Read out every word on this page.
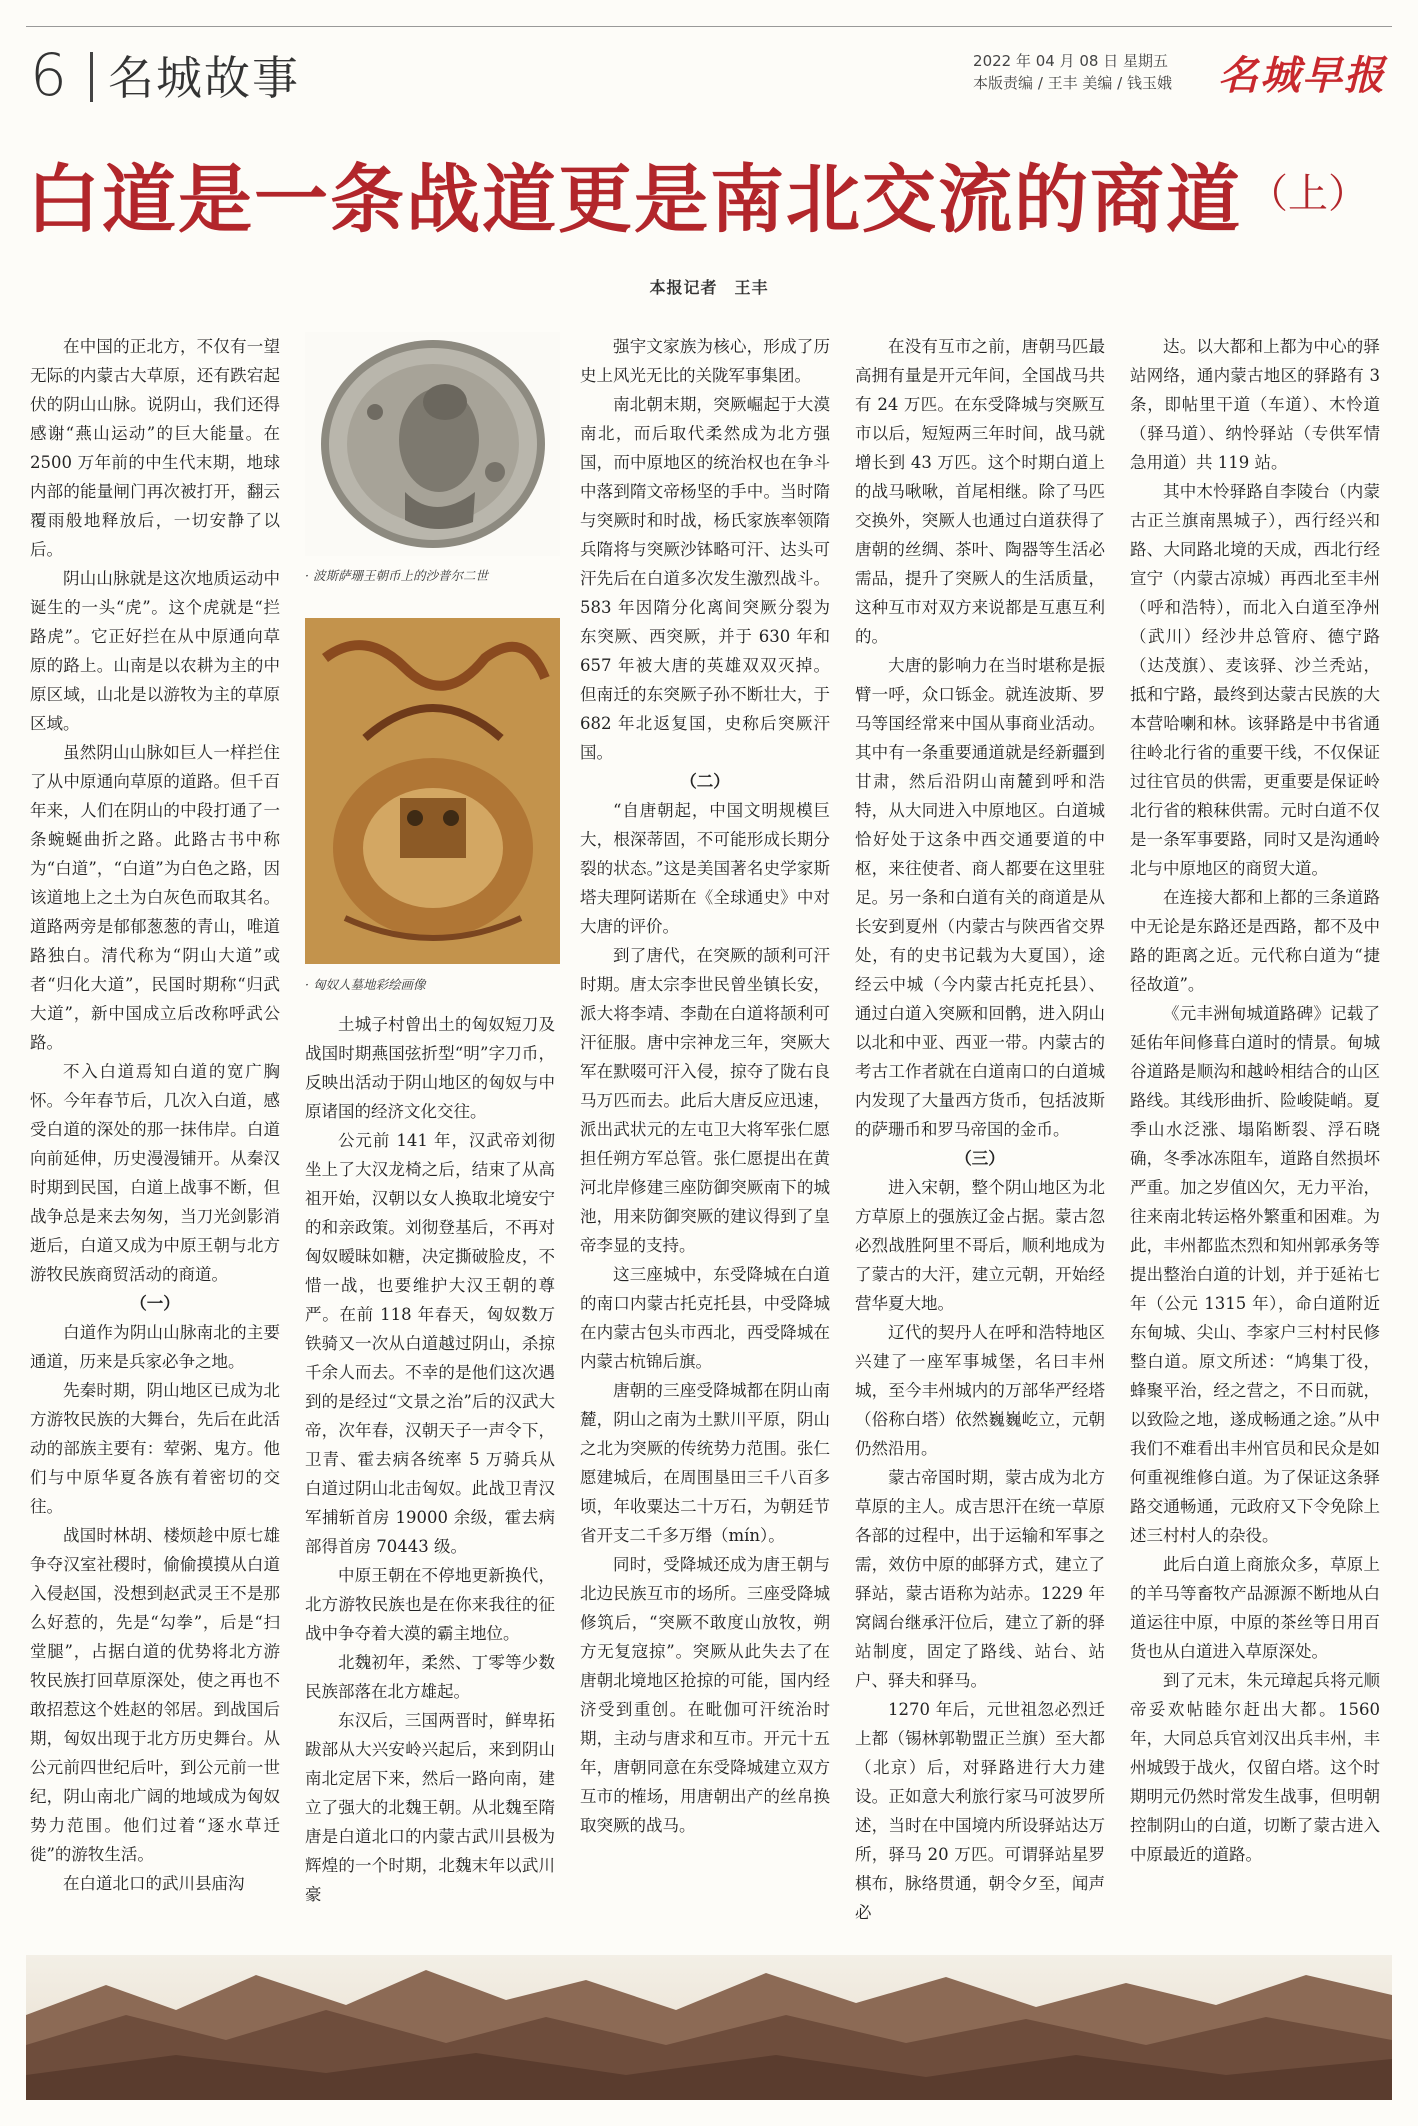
6 名城故事	2022 年 04 月 08 日 星期五
本版责编 / 王丰 美编 / 钱玉娥 名城早报
白道是一条战道更是南北交流的商道 （上）
本报记者　王丰

在中国的正北方，不仅有一望无际的内蒙古大草原，还有跌宕起伏的阴山山脉。说阴山，我们还得感谢“燕山运动”的巨大能量。在 2500 万年前的中生代末期，地球内部的能量闸门再次被打开，翻云覆雨般地释放后，一切安静了以后。

阴山山脉就是这次地质运动中诞生的一头“虎”。这个虎就是“拦路虎”。它正好拦在从中原通向草原的路上。山南是以农耕为主的中原区域，山北是以游牧为主的草原区域。

虽然阴山山脉如巨人一样拦住了从中原通向草原的道路。但千百年来，人们在阴山的中段打通了一条蜿蜒曲折之路。此路古书中称为“白道”，“白道”为白色之路，因该道地上之土为白灰色而取其名。道路两旁是郁郁葱葱的青山，唯道路独白。清代称为“阴山大道”或者“归化大道”，民国时期称“归武大道”，新中国成立后改称呼武公路。

不入白道焉知白道的宽广胸怀。今年春节后，几次入白道，感受白道的深处的那一抹伟岸。白道向前延伸，历史漫漫铺开。从秦汉时期到民国，白道上战事不断，但战争总是来去匆匆，当刀光剑影消逝后，白道又成为中原王朝与北方游牧民族商贸活动的商道。

（一）

白道作为阴山山脉南北的主要通道，历来是兵家必争之地。

先秦时期，阴山地区已成为北方游牧民族的大舞台，先后在此活动的部族主要有：荤粥、鬼方。他们与中原华夏各族有着密切的交往。

战国时林胡、楼烦趁中原七雄争夺汉室社稷时，偷偷摸摸从白道入侵赵国，没想到赵武灵王不是那么好惹的，先是“勾拳”，后是“扫堂腿”，占据白道的优势将北方游牧民族打回草原深处，使之再也不敢招惹这个姓赵的邻居。到战国后期，匈奴出现于北方历史舞台。从公元前四世纪后叶，到公元前一世纪，阴山南北广阔的地域成为匈奴势力范围。他们过着“逐水草迁徙”的游牧生活。

在白道北口的武川县庙沟

· 波斯萨珊王朝币上的沙普尔二世
· 匈奴人墓地彩绘画像

土城子村曾出土的匈奴短刀及战国时期燕国弦折型“明”字刀币，反映出活动于阴山地区的匈奴与中原诸国的经济文化交往。

公元前 141 年，汉武帝刘彻坐上了大汉龙椅之后，结束了从高祖开始，汉朝以女人换取北境安宁的和亲政策。刘彻登基后，不再对匈奴暧昧如糖，决定撕破脸皮，不惜一战，也要维护大汉王朝的尊严。在前 118 年春天，匈奴数万铁骑又一次从白道越过阴山，杀掠千余人而去。不幸的是他们这次遇到的是经过“文景之治”后的汉武大帝，次年春，汉朝天子一声令下，卫青、霍去病各统率 5 万骑兵从白道过阴山北击匈奴。此战卫青汉军捕斩首房 19000 余级，霍去病部得首房 70443 级。

中原王朝在不停地更新换代，北方游牧民族也是在你来我往的征战中争夺着大漠的霸主地位。

北魏初年，柔然、丁零等少数民族部落在北方雄起。

东汉后，三国两晋时，鲜卑拓跋部从大兴安岭兴起后，来到阴山南北定居下来，然后一路向南，建立了强大的北魏王朝。从北魏至隋唐是白道北口的内蒙古武川县极为辉煌的一个时期，北魏末年以武川豪

强宇文家族为核心，形成了历史上风光无比的关陇军事集团。

南北朝末期，突厥崛起于大漠南北，而后取代柔然成为北方强国，而中原地区的统治权也在争斗中落到隋文帝杨坚的手中。当时隋与突厥时和时战，杨氏家族率领隋兵隋将与突厥沙钵略可汗、达头可汗先后在白道多次发生激烈战斗。583 年因隋分化离间突厥分裂为东突厥、西突厥，并于 630 年和 657 年被大唐的英雄双双灭掉。但南迁的东突厥子孙不断壮大，于 682 年北返复国，史称后突厥汗国。

（二）

“自唐朝起，中国文明规模巨大，根深蒂固，不可能形成长期分裂的状态。”这是美国著名史学家斯塔夫理阿诺斯在《全球通史》中对大唐的评价。

到了唐代，在突厥的颉利可汗时期。唐太宗李世民曾坐镇长安，派大将李靖、李勣在白道将颉利可汗征服。唐中宗神龙三年，突厥大军在默啜可汗入侵，掠夺了陇右良马万匹而去。此后大唐反应迅速，派出武状元的左屯卫大将军张仁愿担任朔方军总管。张仁愿提出在黄河北岸修建三座防御突厥南下的城池，用来防御突厥的建议得到了皇帝李显的支持。

这三座城中，东受降城在白道的南口内蒙古托克托县，中受降城在内蒙古包头市西北，西受降城在内蒙古杭锦后旗。

唐朝的三座受降城都在阴山南麓，阴山之南为土默川平原，阴山之北为突厥的传统势力范围。张仁愿建城后，在周围垦田三千八百多顷，年收粟达二十万石，为朝廷节省开支二千多万缗（mín）。

同时，受降城还成为唐王朝与北边民族互市的场所。三座受降城修筑后，“突厥不敢度山放牧，朔方无复寇掠”。突厥从此失去了在唐朝北境地区抢掠的可能，国内经济受到重创。在毗伽可汗统治时期，主动与唐求和互市。开元十五年，唐朝同意在东受降城建立双方互市的榷场，用唐朝出产的丝帛换取突厥的战马。

在没有互市之前，唐朝马匹最高拥有量是开元年间，全国战马共有 24 万匹。在东受降城与突厥互市以后，短短两三年时间，战马就增长到 43 万匹。这个时期白道上的战马啾啾，首尾相继。除了马匹交换外，突厥人也通过白道获得了唐朝的丝绸、茶叶、陶器等生活必需品，提升了突厥人的生活质量，这种互市对双方来说都是互惠互利的。

大唐的影响力在当时堪称是振臂一呼，众口铄金。就连波斯、罗马等国经常来中国从事商业活动。其中有一条重要通道就是经新疆到甘肃，然后沿阴山南麓到呼和浩特，从大同进入中原地区。白道城恰好处于这条中西交通要道的中枢，来往使者、商人都要在这里驻足。另一条和白道有关的商道是从长安到夏州（内蒙古与陕西省交界处，有的史书记载为大夏国），途经云中城（今内蒙古托克托县）、通过白道入突厥和回鹘，进入阴山以北和中亚、西亚一带。内蒙古的考古工作者就在白道南口的白道城内发现了大量西方货币，包括波斯的萨珊币和罗马帝国的金币。

（三）

进入宋朝，整个阴山地区为北方草原上的强族辽金占据。蒙古忽必烈战胜阿里不哥后，顺利地成为了蒙古的大汗，建立元朝，开始经营华夏大地。

辽代的契丹人在呼和浩特地区兴建了一座军事城堡，名曰丰州城，至今丰州城内的万部华严经塔（俗称白塔）依然巍巍屹立，元朝仍然沿用。

蒙古帝国时期，蒙古成为北方草原的主人。成吉思汗在统一草原各部的过程中，出于运输和军事之需，效仿中原的邮驿方式，建立了驿站，蒙古语称为站赤。1229 年窝阔台继承汗位后，建立了新的驿站制度，固定了路线、站台、站户、驿夫和驿马。

1270 年后，元世祖忽必烈迁上都（锡林郭勒盟正兰旗）至大都（北京）后，对驿路进行大力建设。正如意大利旅行家马可波罗所述，当时在中国境内所设驿站达万所，驿马 20 万匹。可谓驿站星罗棋布，脉络贯通，朝令夕至，闻声必

达。以大都和上都为中心的驿站网络，通内蒙古地区的驿路有 3 条，即帖里干道（车道）、木怜道（驿马道）、纳怜驿站（专供军情急用道）共 119 站。

其中木怜驿路自李陵台（内蒙古正兰旗南黑城子），西行经兴和路、大同路北境的天成，西北行经宣宁（内蒙古凉城）再西北至丰州（呼和浩特），而北入白道至净州（武川）经沙井总管府、德宁路（达茂旗）、麦该驿、沙兰秃站，抵和宁路，最终到达蒙古民族的大本营哈喇和林。该驿路是中书省通往岭北行省的重要干线，不仅保证过往官员的供需，更重要是保证岭北行省的粮秣供需。元时白道不仅是一条军事要路，同时又是沟通岭北与中原地区的商贸大道。

在连接大都和上都的三条道路中无论是东路还是西路，都不及中路的距离之近。元代称白道为“捷径故道”。

《元丰洲甸城道路碑》记载了延佑年间修葺白道时的情景。甸城谷道路是顺沟和越岭相结合的山区路线。其线形曲折、险峻陡峭。夏季山水泛涨、塌陷断裂、浮石晓确，冬季冰冻阻车，道路自然损坏严重。加之岁值凶欠，无力平治，往来南北转运格外繁重和困难。为此，丰州都监杰烈和知州郭承务等提出整治白道的计划，并于延祐七年（公元 1315 年），命白道附近东甸城、尖山、李家户三村村民修整白道。原文所述：“鸠集丁役，蜂聚平治，经之营之，不日而就，以致险之地，遂成畅通之途。”从中我们不难看出丰州官员和民众是如何重视维修白道。为了保证这条驿路交通畅通，元政府又下令免除上述三村村人的杂役。

此后白道上商旅众多，草原上的羊马等畜牧产品源源不断地从白道运往中原，中原的茶丝等日用百货也从白道进入草原深处。

到了元末，朱元璋起兵将元顺帝妥欢帖睦尔赶出大都。1560 年，大同总兵官刘汉出兵丰州，丰州城毁于战火，仅留白塔。这个时期明元仍然时常发生战事，但明朝控制阴山的白道，切断了蒙古进入中原最近的道路。
